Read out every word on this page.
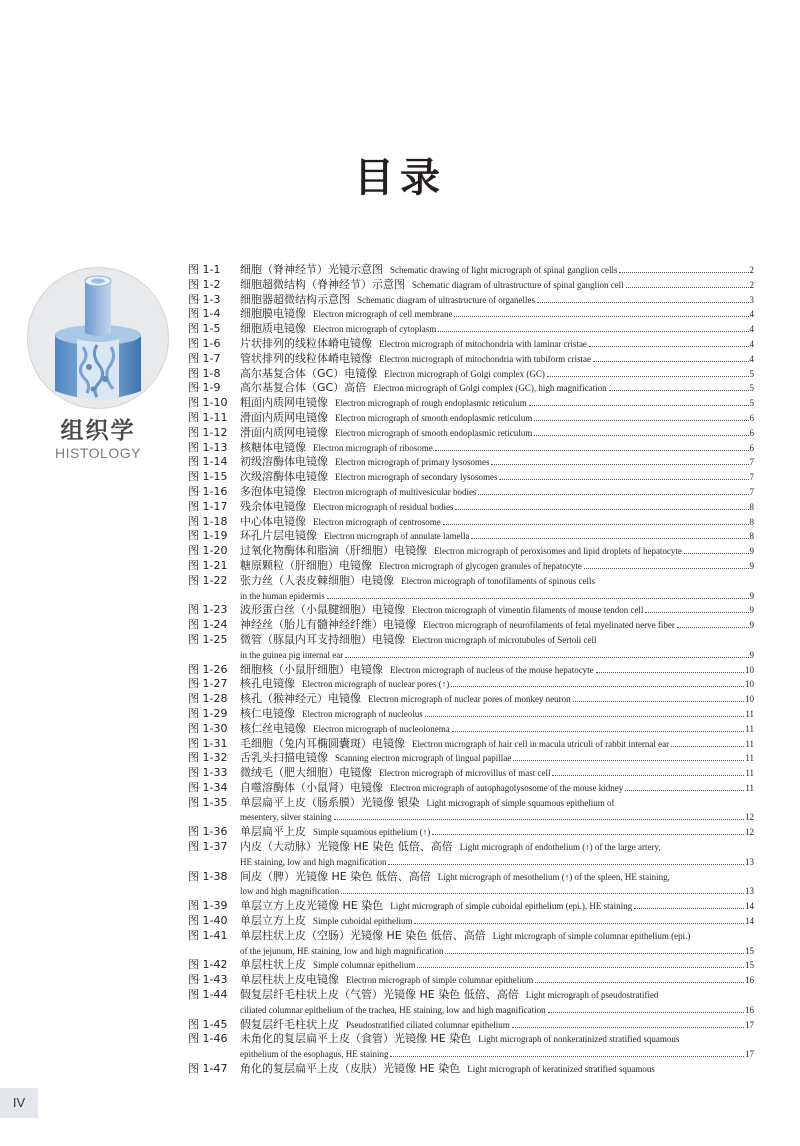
目录
组织学
HISTOLOGY
图 1-1	细胞（脊神经节）光镜示意图 Schematic drawing of light micrograph of spinal ganglion cells	2
图 1-2	细胞超微结构（脊神经节）示意图 Schematic diagram of ultrastructure of spinal ganglion cell	2
图 1-3	细胞器超微结构示意图 Schematic diagram of ultrastructure of organelles	3
图 1-4	细胞膜电镜像 Electron micrograph of cell membrane	4
图 1-5	细胞质电镜像 Electron micrograph of cytoplasm	4
图 1-6	片状排列的线粒体嵴电镜像 Electron micrograph of mitochondria with laminar cristae	4
图 1-7	管状排列的线粒体嵴电镜像 Electron micrograph of mitochondria with tubiform cristae	4
图 1-8	高尔基复合体（GC）电镜像 Electron micrograph of Golgi complex (GC)	5
图 1-9	高尔基复合体（GC）高倍 Electron micrograph of Golgi complex (GC), high magnification	5
图 1-10	粗面内质网电镜像 Electron micrograph of rough endoplasmic reticulum	5
图 1-11	滑面内质网电镜像 Electron micrograph of smooth endoplasmic reticulum	6
图 1-12	滑面内质网电镜像 Electron micrograph of smooth endoplasmic reticulum	6
图 1-13	核糖体电镜像 Electron micrograph of ribosome	6
图 1-14	初级溶酶体电镜像 Electron micrograph of primary lysosomes	7
图 1-15	次级溶酶体电镜像 Electron micrograph of secondary lysosomes	7
图 1-16	多泡体电镜像 Electron micrograph of multivesicular bodies	7
图 1-17	残余体电镜像 Electron micrograph of residual bodies	8
图 1-18	中心体电镜像 Electron micrograph of centrosome	8
图 1-19	环孔片层电镜像 Electron micrograph of annulate lamella	8
图 1-20	过氧化物酶体和脂滴（肝细胞）电镜像 Electron micrograph of peroxisomes and lipid droplets of hepatocyte	9
图 1-21	糖原颗粒（肝细胞）电镜像 Electron micrograph of glycogen granules of hepatocyte	9
图 1-22	张力丝（人表皮棘细胞）电镜像 Electron micrograph of tonofilaments of spinous cells
in the human epidermis	9
图 1-23	波形蛋白丝（小鼠腱细胞）电镜像 Electron micrograph of vimentin filaments of mouse tendon cell	9
图 1-24	神经丝（胎儿有髓神经纤维）电镜像 Electron micrograph of neurofilaments of fetal myelinated nerve fiber	9
图 1-25	微管（豚鼠内耳支持细胞）电镜像 Electron micrograph of microtubules of Sertoli cell
in the guinea pig internal ear	9
图 1-26	细胞核（小鼠肝细胞）电镜像 Electron micrograph of nucleus of the mouse hepatocyte	10
图 1-27	核孔电镜像 Electron micrograph of nuclear pores (↑)	10
图 1-28	核孔（猴神经元）电镜像 Electron micrograph of nuclear pores of monkey neuron	10
图 1-29	核仁电镜像 Electron micrograph of nucleolus	11
图 1-30	核仁丝电镜像 Electron micrograph of nucleolonema	11
图 1-31	毛细胞（兔内耳椭圆囊斑）电镜像 Electron micrograph of hair cell in macula utriculi of rabbit internal ear	11
图 1-32	舌乳头扫描电镜像 Scanning electron micrograph of lingual papillae	11
图 1-33	微绒毛（肥大细胞）电镜像 Electron micrograph of microvillus of mast cell	11
图 1-34	自噬溶酶体（小鼠肾）电镜像 Electron micrograph of autophagolysosome of the mouse kidney	11
图 1-35	单层扁平上皮（肠系膜）光镜像 银染 Light micrograph of simple squamous epithelium of
mesentery, silver staining	12
图 1-36	单层扁平上皮 Simple squamous epithelium (↑)	12
图 1-37	内皮（大动脉）光镜像 HE 染色 低倍、高倍 Light micrograph of endothelium (↑) of the large artery,
HE staining, low and high magnification	13
图 1-38	间皮（脾）光镜像 HE 染色 低倍、高倍 Light micrograph of mesothelium (↑) of the spleen, HE staining,
low and high magnification	13
图 1-39	单层立方上皮光镜像 HE 染色 Light micrograph of simple cuboidal epithelium (epi.), HE staining	14
图 1-40	单层立方上皮 Simple cuboidal epithelium	14
图 1-41	单层柱状上皮（空肠）光镜像 HE 染色 低倍、高倍 Light micrograph of simple columnar epithelium (epi.)
of the jejunum, HE staining, low and high magnification	15
图 1-42	单层柱状上皮 Simple columnar epithelium	15
图 1-43	单层柱状上皮电镜像 Electron micrograph of simple columnar epithelium	16
图 1-44	假复层纤毛柱状上皮（气管）光镜像 HE 染色 低倍、高倍 Light micrograph of pseudostratified
ciliated columnar epithelium of the trachea, HE staining, low and high magnification	16
图 1-45	假复层纤毛柱状上皮 Pseudostratified ciliated columnar epithelium	17
图 1-46	未角化的复层扁平上皮（食管）光镜像 HE 染色 Light micrograph of nonkeratinized stratified squamous
epithelium of the esophagus, HE staining	17
图 1-47	角化的复层扁平上皮（皮肤）光镜像 HE 染色 Light micrograph of keratinized stratified squamous
IV
